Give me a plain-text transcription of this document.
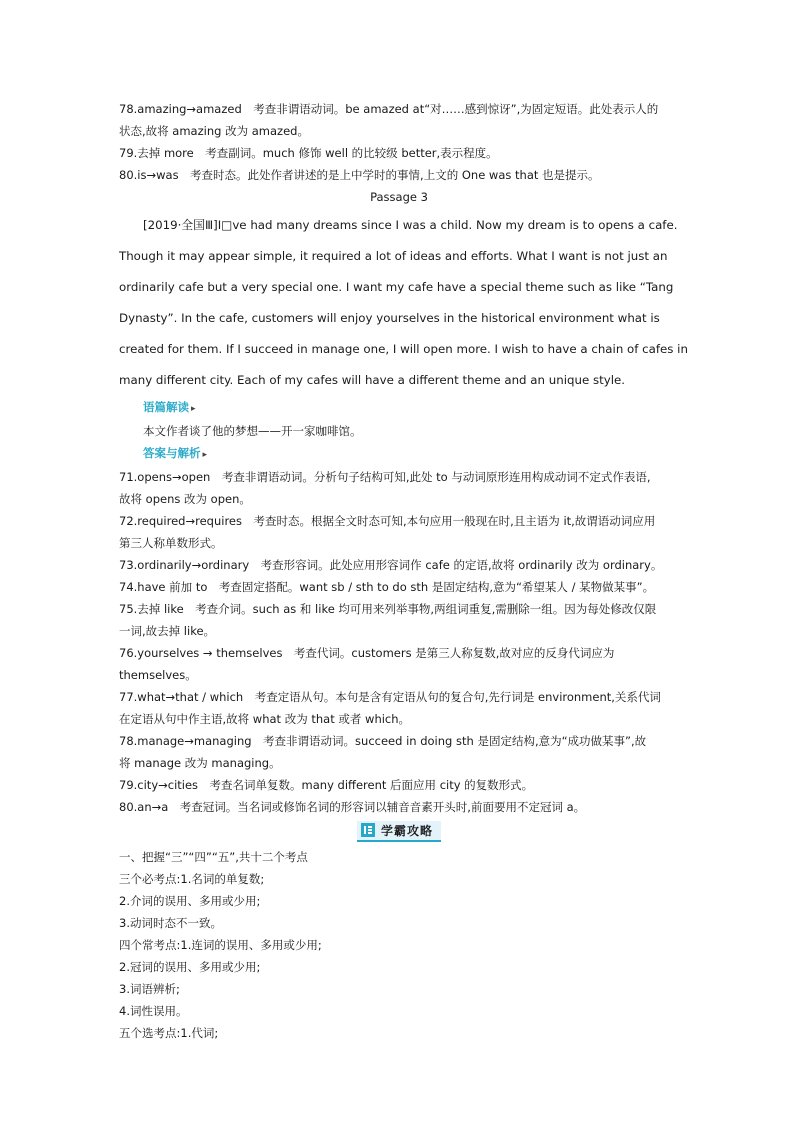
78.amazing→amazed　考查非谓语动词。be amazed at“对……感到惊讶”,为固定短语。此处表示人的
状态,故将 amazing 改为 amazed。
79.去掉 more　考查副词。much 修饰 well 的比较级 better,表示程度。
80.is→was　考查时态。此处作者讲述的是上中学时的事情,上文的 One was that 也是提示。
Passage 3

[2019·全国Ⅲ]I□ve had many dreams since I was a child. Now my dream is to opens a cafe.

Though it may appear simple, it required a lot of ideas and efforts. What I want is not just an

ordinarily cafe but a very special one. I want my cafe have a special theme such as like “Tang

Dynasty”. In the cafe, customers will enjoy yourselves in the historical environment what is

created for them. If I succeed in manage one, I will open more. I wish to have a chain of cafes in

many different city. Each of my cafes will have a different theme and an unique style.

语篇解读 ▸
本文作者谈了他的梦想——开一家咖啡馆。
答案与解析 ▸
71.opens→open　考查非谓语动词。分析句子结构可知,此处 to 与动词原形连用构成动词不定式作表语,
故将 opens 改为 open。
72.required→requires　考查时态。根据全文时态可知,本句应用一般现在时,且主语为 it,故谓语动词应用
第三人称单数形式。
73.ordinarily→ordinary　考查形容词。此处应用形容词作 cafe 的定语,故将 ordinarily 改为 ordinary。
74.have 前加 to　考查固定搭配。want sb / sth to do sth 是固定结构,意为“希望某人 / 某物做某事”。
75.去掉 like　考查介词。such as 和 like 均可用来列举事物,两组词重复,需删除一组。因为每处修改仅限
一词,故去掉 like。
76.yourselves → themselves　考查代词。customers 是第三人称复数,故对应的反身代词应为
themselves。
77.what→that / which　考查定语从句。本句是含有定语从句的复合句,先行词是 environment,关系代词
在定语从句中作主语,故将 what 改为 that 或者 which。
78.manage→managing　考查非谓语动词。succeed in doing sth 是固定结构,意为“成功做某事”,故
将 manage 改为 managing。
79.city→cities　考查名词单复数。many different 后面应用 city 的复数形式。
80.an→a　考查冠词。当名词或修饰名词的形容词以辅音音素开头时,前面要用不定冠词 a。
学霸攻略
一、把握“三”“四”“五”,共十二个考点
三个必考点:1.名词的单复数;
2.介词的误用、多用或少用;
3.动词时态不一致。
四个常考点:1.连词的误用、多用或少用;
2.冠词的误用、多用或少用;
3.词语辨析;
4.词性误用。
五个选考点:1.代词;
